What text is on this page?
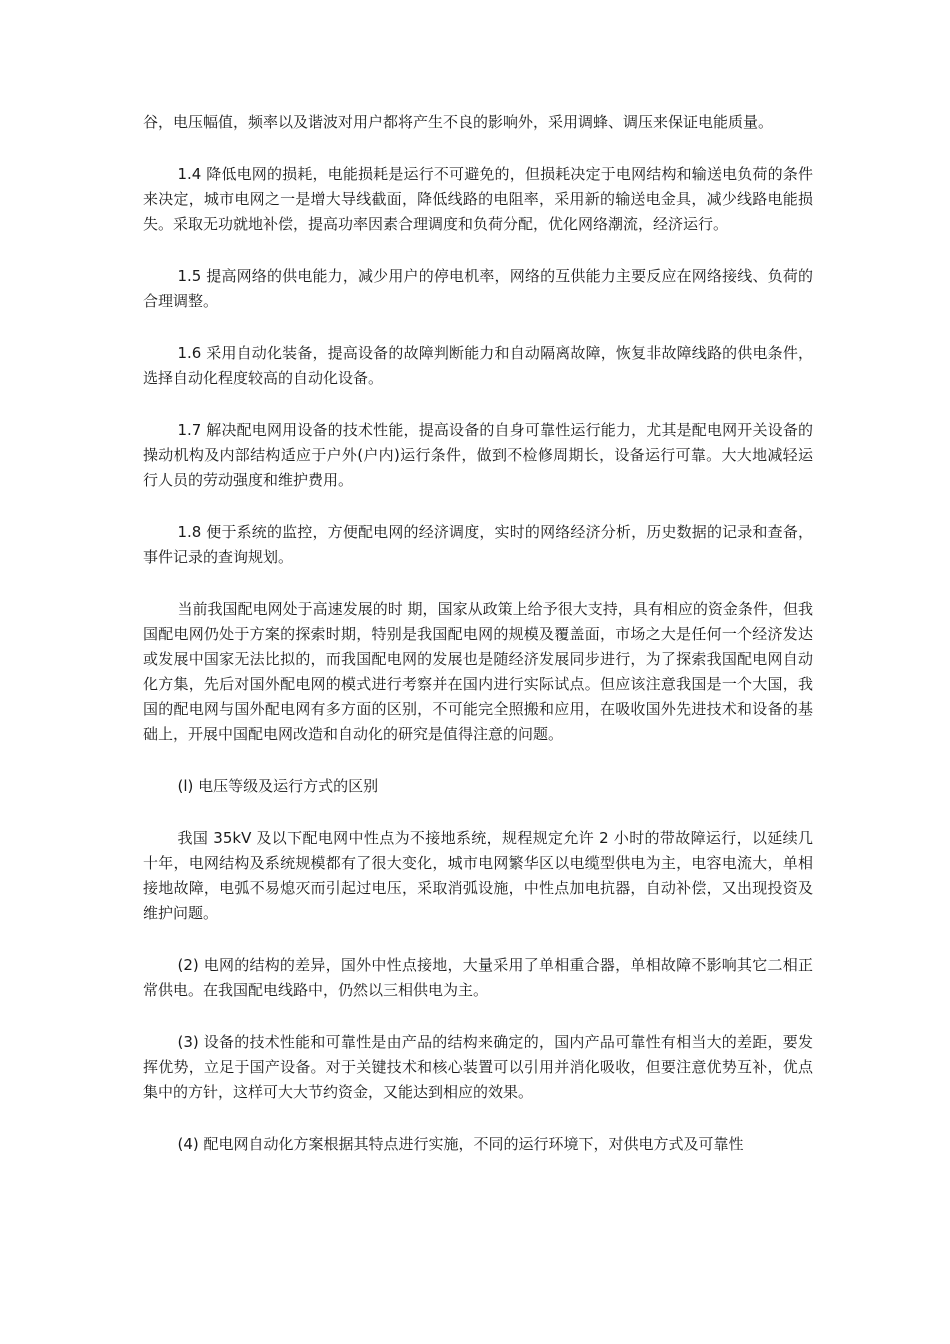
谷，电压幅值，频率以及谐波对用户都将产生不良的影响外，采用调蜂、调压来保证电能质量。

1.4 降低电网的损耗，电能损耗是运行不可避免的，但损耗决定于电网结构和输送电负荷的条件来决定，城市电网之一是增大导线截面，降低线路的电阻率，采用新的输送电金具，减少线路电能损失。采取无功就地补偿，提高功率因素合理调度和负荷分配，优化网络潮流，经济运行。

1.5 提高网络的供电能力，减少用户的停电机率，网络的互供能力主要反应在网络接线、负荷的合理调整。

1.6 采用自动化装备，提高设备的故障判断能力和自动隔离故障，恢复非故障线路的供电条件，选择自动化程度较高的自动化设备。

1.7 解决配电网用设备的技术性能，提高设备的自身可靠性运行能力，尤其是配电网开关设备的操动机构及内部结构适应于户外(户内)运行条件，做到不检修周期长，设备运行可靠。大大地减轻运行人员的劳动强度和维护费用。

1.8 便于系统的监控，方便配电网的经济调度，实时的网络经济分析，历史数据的记录和查备，事件记录的查询规划。

当前我国配电网处于高速发展的时 期，国家从政策上给予很大支持，具有相应的资金条件，但我国配电网仍处于方案的探索时期，特别是我国配电网的规模及覆盖面，市场之大是任何一个经济发达或发展中国家无法比拟的，而我国配电网的发展也是随经济发展同步进行，为了探索我国配电网自动化方集，先后对国外配电网的模式进行考察并在国内进行实际试点。但应该注意我国是一个大国，我国的配电网与国外配电网有多方面的区别，不可能完全照搬和应用，在吸收国外先进技术和设备的基础上，开展中国配电网改造和自动化的研究是值得注意的问题。

(l) 电压等级及运行方式的区别

我国 35kV 及以下配电网中性点为不接地系统，规程规定允许 2 小时的带故障运行，以延续几十年，电网结构及系统规模都有了很大变化，城市电网繁华区以电缆型供电为主，电容电流大，单相接地故障，电弧不易熄灭而引起过电压，采取消弧设施，中性点加电抗器，自动补偿，又出现投资及维护问题。

(2) 电网的结构的差异，国外中性点接地，大量采用了单相重合器，单相故障不影响其它二相正常供电。在我国配电线路中，仍然以三相供电为主。

(3) 设备的技术性能和可靠性是由产品的结构来确定的，国内产品可靠性有相当大的差距，要发挥优势，立足于国产设备。对于关键技术和核心装置可以引用并消化吸收，但要注意优势互补，优点集中的方针，这样可大大节约资金，又能达到相应的效果。

(4) 配电网自动化方案根据其特点进行实施，不同的运行环境下，对供电方式及可靠性
